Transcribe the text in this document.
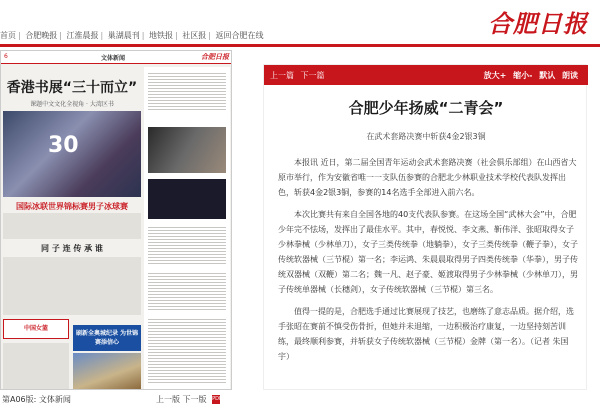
首页 | 合肥晚报 | 江淮晨报 | 巢湖晨刊 | 地铁报 | 社区报 | 返回合肥在线	合肥日报
6	文体新闻	合肥日报
香港书展“三十而立”
课题中文文化全视角 · 大湾区书
30
国际冰联世界锦标赛男子冰球赛
同 子 连 传 承 谁
中国女篮
刷新全奥城纪录 为世锦赛添信心
第A06版: 文体新闻	上一版 下一版 PDF
上一篇 下一篇	放大+ 缩小- 默认 朗读
合肥少年扬威“二青会”
在武术套路决赛中斩获4金2银3铜

本报讯 近日，第二届全国青年运动会武术套路决赛（社会俱乐部组）在山西省大原市举行，作为安徽省唯一一支队伍参赛的合肥北少林职业技术学校代表队发挥出色，斩获4金2银3铜，参赛的14名选手全部进入前六名。

本次比赛共有来自全国各地的40支代表队参赛。在这场全国“武林大会”中，合肥少年完不怯场，发挥出了最佳水平。其中，春悦悦、李文燕、靳伟洋、张昭取得女子少林拳械（少林单刀），女子三类传统拳（地躺拳），女子三类传统拳（鞭子拳），女子传统软器械（三节棍）第一名；李运鸿、朱晨晨取得男子四类传统拳（华拳），男子传统双器械（双鞭）第二名；魏一凡、赵子豪、姬渡取得男子少林拳械（少林单刀），男子传统单器械（长穗剑），女子传统软器械（三节棍）第三名。

值得一提的是，合肥选手通过比赛展现了技艺，也磨练了意志品质。据介绍，选手张昭在赛前不慎受伤骨折，但她并未退缩，一边积极治疗康复，一边坚持刻苦训练，最终顺利参赛，并斩获女子传统软器械（三节棍）金牌（第一名）。（记者 朱国宇）
